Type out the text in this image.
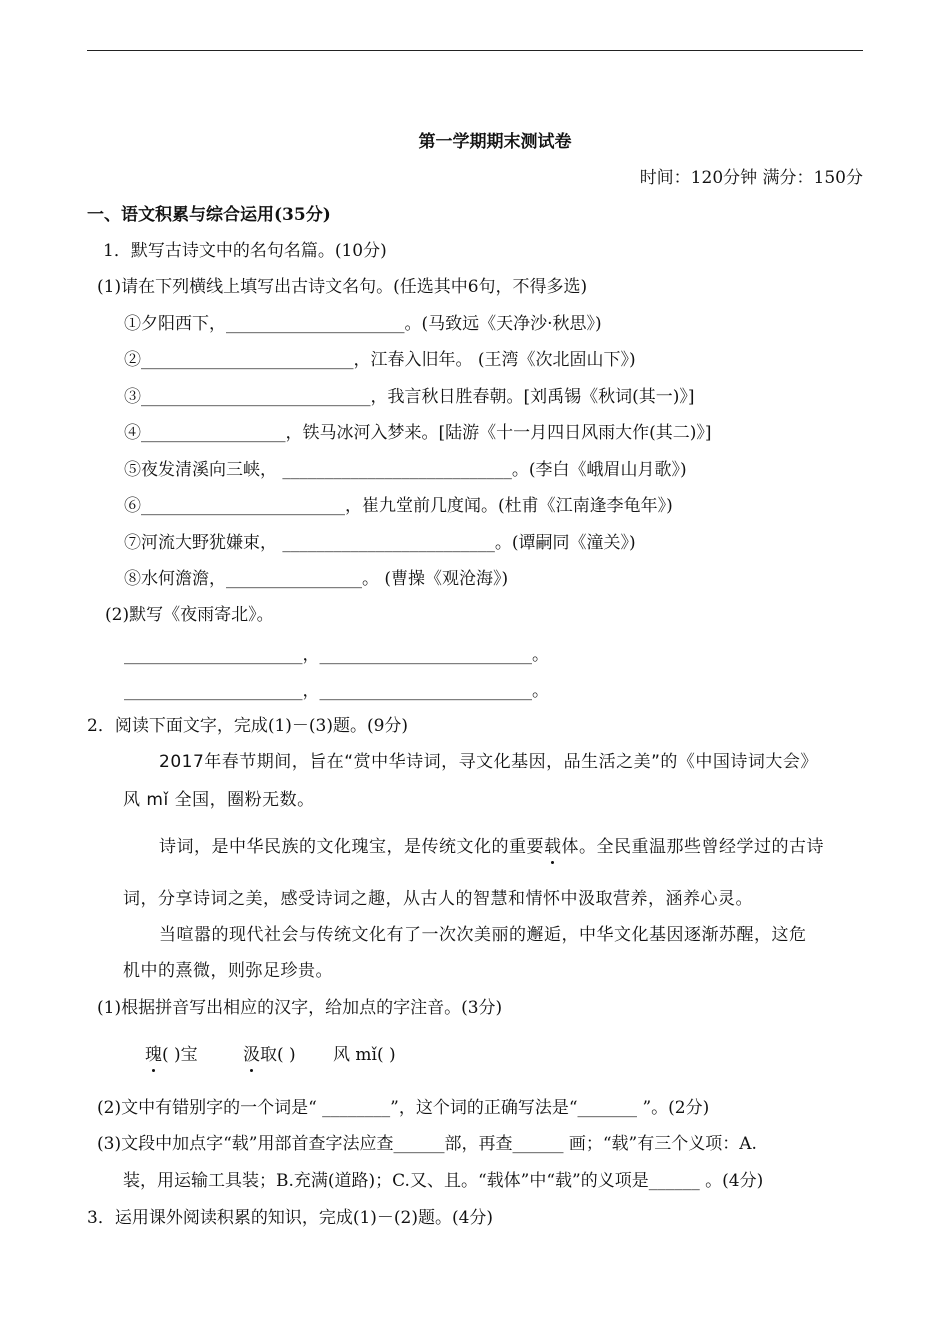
第一学期期末测试卷
时间：120分钟 满分：150分
一、语文积累与综合运用(35分)
1．默写古诗文中的名句名篇。(10分)
(1)请在下列横线上填写出古诗文名句。(任选其中6句，不得多选)
①夕阳西下，_____________________。(马致远《天净沙·秋思》)
②_________________________，江春入旧年。 (王湾《次北固山下》)
③___________________________，我言秋日胜春朝。[刘禹锡《秋词(其一)》]
④_________________，铁马冰河入梦来。[陆游《十一月四日风雨大作(其二)》]
⑤夜发清溪向三峡， ___________________________。(李白《峨眉山月歌》)
⑥________________________，崔九堂前几度闻。(杜甫《江南逢李龟年》)
⑦河流大野犹嫌束， _________________________。(谭嗣同《潼关》)
⑧水何澹澹，________________。 (曹操《观沧海》)
(2)默写《夜雨寄北》。
_____________________，_________________________。
_____________________，_________________________。
2．阅读下面文字，完成(1)－(3)题。(9分)
2017年春节期间，旨在“赏中华诗词，寻文化基因，品生活之美”的《中国诗词大会》
风 mǐ 全国，圈粉无数。
诗词，是中华民族的文化瑰宝，是传统文化的重要载体。全民重温那些曾经学过的古诗
词，分享诗词之美，感受诗词之趣，从古人的智慧和情怀中汲取营养，涵养心灵。
当喧嚣的现代社会与传统文化有了一次次美丽的邂逅，中华文化基因逐渐苏醒，这危
机中的熹微，则弥足珍贵。
(1)根据拼音写出相应的汉字，给加点的字注音。(3分)
瑰( )宝	汲取( ) 风 mǐ( )
(2)文中有错别字的一个词是“ ________”，这个词的正确写法是“_______ ”。(2分)
(3)文段中加点字“载”用部首查字法应查______部，再查______ 画；“载”有三个义项：A.
装，用运输工具装；B.充满(道路)；C.又、且。“载体”中“载”的义项是______ 。(4分)
3．运用课外阅读积累的知识，完成(1)－(2)题。(4分)
